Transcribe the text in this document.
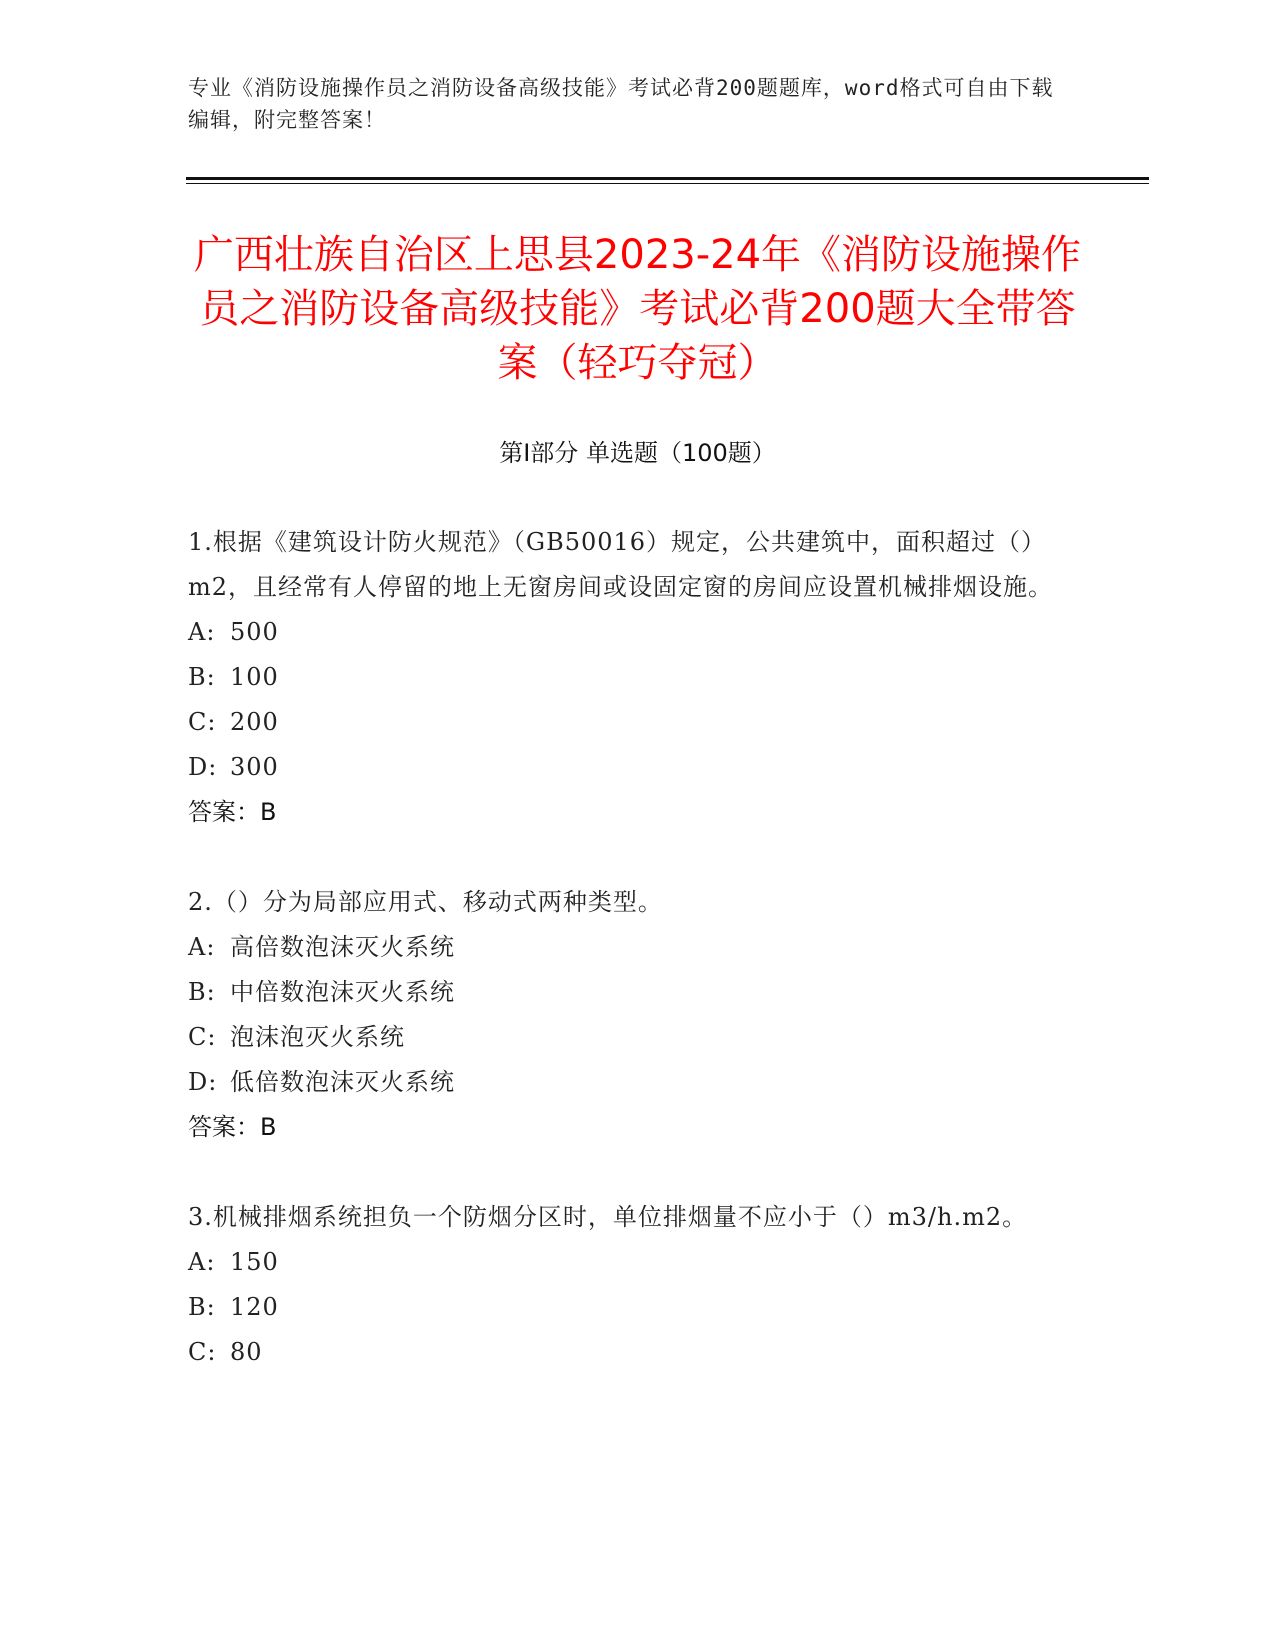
专业《消防设施操作员之消防设备高级技能》考试必背200题题库，word格式可自由下载编辑，附完整答案！
广西壮族自治区上思县2023-24年《消防设施操作员之消防设备高级技能》考试必背200题大全带答案（轻巧夺冠）
第Ⅰ部分 单选题（100题）

1.根据《建筑设计防火规范》（GB50016）规定，公共建筑中，面积超过（）m2，且经常有人停留的地上无窗房间或设固定窗的房间应设置机械排烟设施。

A: 500

B: 100

C: 200

D: 300

答案：B

2.（）分为局部应用式、移动式两种类型。

A: 高倍数泡沫灭火系统

B: 中倍数泡沫灭火系统

C: 泡沫泡灭火系统

D: 低倍数泡沫灭火系统

答案：B

3.机械排烟系统担负一个防烟分区时，单位排烟量不应小于（）m3/h.m2。

A: 150

B: 120

C: 80
